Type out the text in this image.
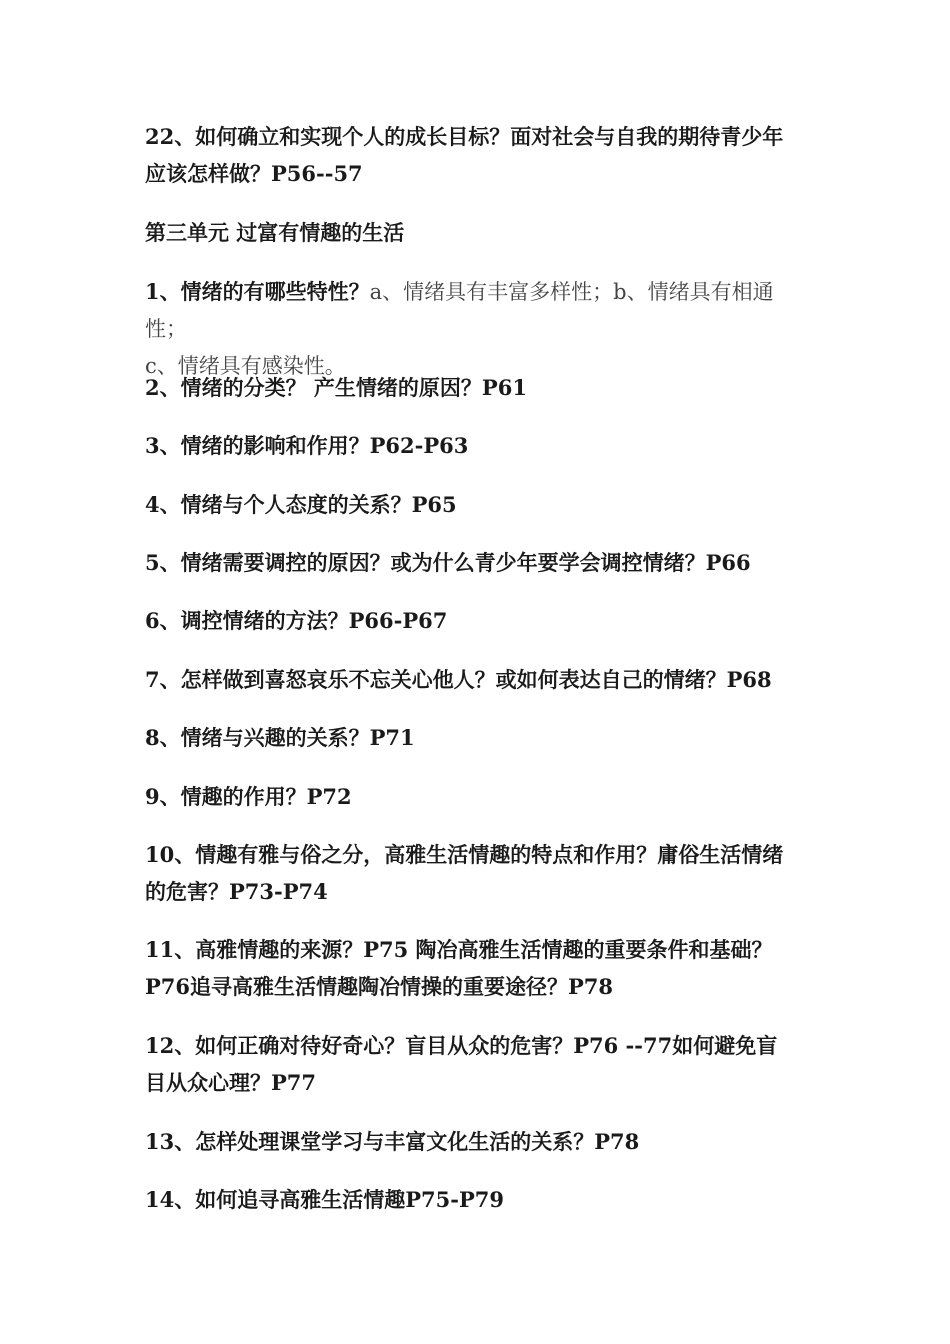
22、如何确立和实现个人的成长目标？面对社会与自我的期待青少年
应该怎样做？P56--57
第三单元 过富有情趣的生活
1、情绪的有哪些特性？a、情绪具有丰富多样性；b、情绪具有相通性；
c、情绪具有感染性。
2、情绪的分类？ 产生情绪的原因？P61
3、情绪的影响和作用？P62-P63
4、情绪与个人态度的关系？P65
5、情绪需要调控的原因？或为什么青少年要学会调控情绪？P66
6、调控情绪的方法？P66-P67
7、怎样做到喜怒哀乐不忘关心他人？或如何表达自己的情绪？P68
8、情绪与兴趣的关系？P71
9、情趣的作用？P72
10、情趣有雅与俗之分，高雅生活情趣的特点和作用？庸俗生活情绪
的危害？P73-P74
11、高雅情趣的来源？P75 陶冶高雅生活情趣的重要条件和基础？
P76追寻高雅生活情趣陶冶情操的重要途径？P78
12、如何正确对待好奇心？盲目从众的危害？P76 --77如何避免盲
目从众心理？P77
13、怎样处理课堂学习与丰富文化生活的关系？P78
14、如何追寻高雅生活情趣P75-P79
